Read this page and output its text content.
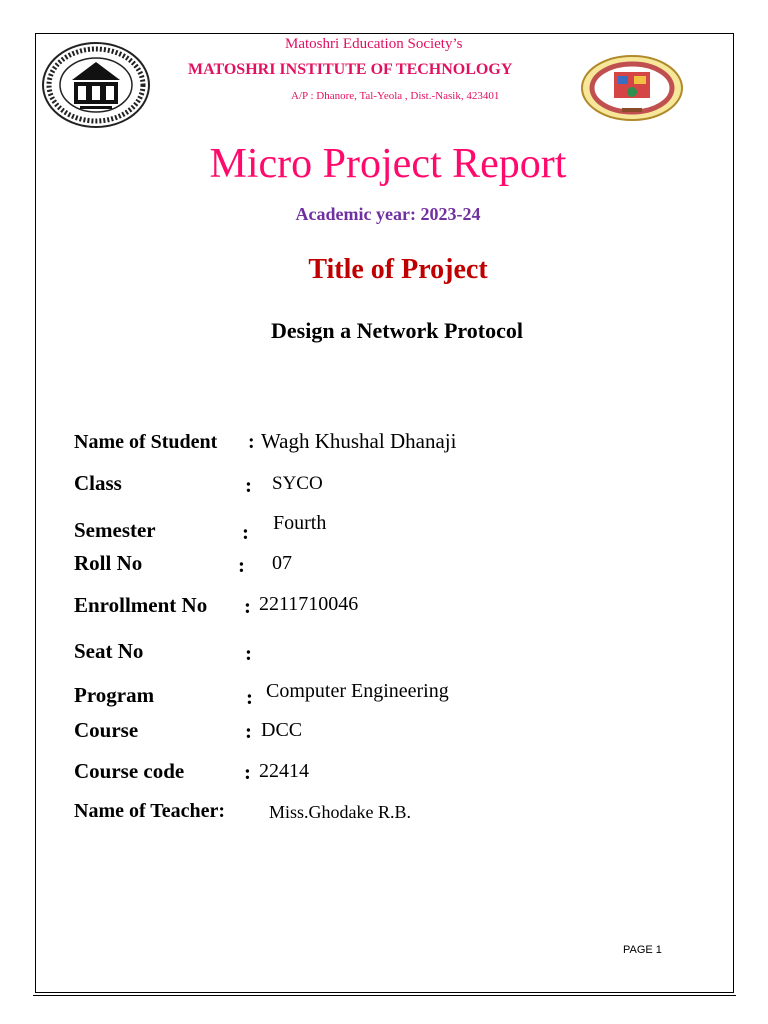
Matoshri Education Society’s
MATOSHRI INSTITUTE OF TECHNOLOGY
A/P : Dhanore, Tal-Yeola , Dist.-Nasik, 423401
Micro Project Report
Academic year: 2023-24
Title of Project
Design a Network Protocol
Name of Student : Wagh Khushal Dhanaji
Class	: SYCO
Semester	: Fourth
Roll No	: 07
Enrollment No : 2211710046
Seat No	:
Program	: Computer Engineering
Course	: DCC
Course code	: 22414
Name of Teacher: Miss.Ghodake R.B.
PAGE 1
